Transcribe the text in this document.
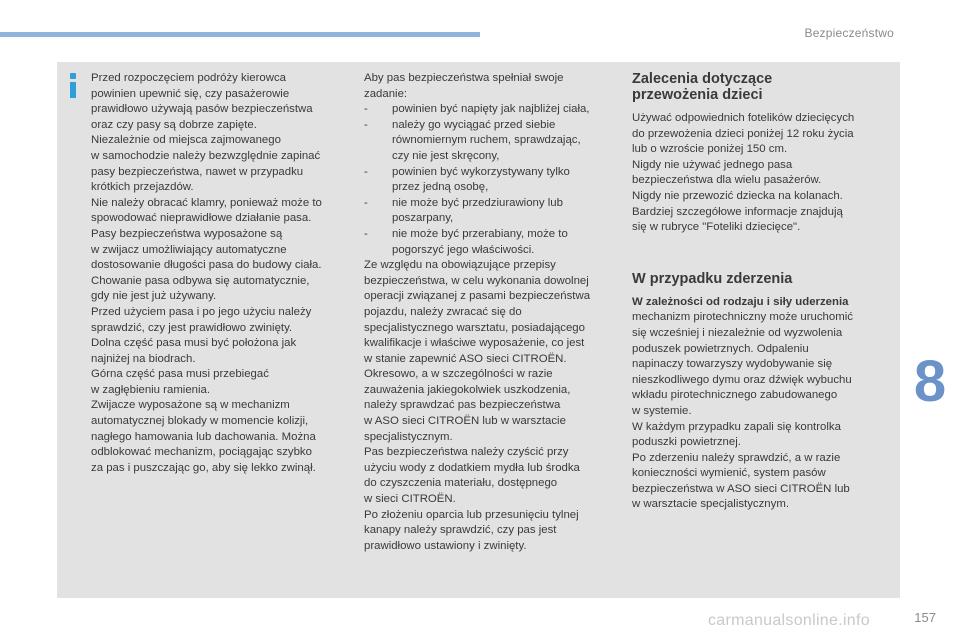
Bezpieczeństwo

Przed rozpoczęciem podróży kierowca

powinien upewnić się, czy pasażerowie

prawidłowo używają pasów bezpieczeństwa

oraz czy pasy są dobrze zapięte.

Niezależnie od miejsca zajmowanego

w samochodzie należy bezwzględnie zapinać

pasy bezpieczeństwa, nawet w przypadku

krótkich przejazdów.

Nie należy obracać klamry, ponieważ może to

spowodować nieprawidłowe działanie pasa.

Pasy bezpieczeństwa wyposażone są

w zwijacz umożliwiający automatyczne

dostosowanie długości pasa do budowy ciała.

Chowanie pasa odbywa się automatycznie,

gdy nie jest już używany.

Przed użyciem pasa i po jego użyciu należy

sprawdzić, czy jest prawidłowo zwinięty.

Dolna część pasa musi być położona jak

najniżej na biodrach.

Górna część pasa musi przebiegać

w zagłębieniu ramienia.

Zwijacze wyposażone są w mechanizm

automatycznej blokady w momencie kolizji,

nagłego hamowania lub dachowania. Można

odblokować mechanizm, pociągając szybko

za pas i puszczając go, aby się lekko zwinął.

Aby pas bezpieczeństwa spełniał swoje

zadanie:

- powinien być napięty jak najbliżej ciała,

- należy go wyciągać przed siebie

równomiernym ruchem, sprawdzając,

czy nie jest skręcony,

- powinien być wykorzystywany tylko

przez jedną osobę,

- nie może być przedziurawiony lub

poszarpany,

- nie może być przerabiany, może to

pogorszyć jego właściwości.

Ze względu na obowiązujące przepisy

bezpieczeństwa, w celu wykonania dowolnej

operacji związanej z pasami bezpieczeństwa

pojazdu, należy zwracać się do

specjalistycznego warsztatu, posiadającego

kwalifikacje i właściwe wyposażenie, co jest

w stanie zapewnić ASO sieci CITROËN.

Okresowo, a w szczególności w razie

zauważenia jakiegokolwiek uszkodzenia,

należy sprawdzać pas bezpieczeństwa

w ASO sieci CITROËN lub w warsztacie

specjalistycznym.

Pas bezpieczeństwa należy czyścić przy

użyciu wody z dodatkiem mydła lub środka

do czyszczenia materiału, dostępnego

w sieci CITROËN.

Po złożeniu oparcia lub przesunięciu tylnej

kanapy należy sprawdzić, czy pas jest

prawidłowo ustawiony i zwinięty.

Zalecenia dotyczące

przewożenia dzieci

Używać odpowiednich fotelików dziecięcych

do przewożenia dzieci poniżej 12 roku życia

lub o wzroście poniżej 150 cm.

Nigdy nie używać jednego pasa

bezpieczeństwa dla wielu pasażerów.

Nigdy nie przewozić dziecka na kolanach.

Bardziej szczegółowe informacje znajdują

się w rubryce "Foteliki dziecięce".

W przypadku zderzenia

W zależności od rodzaju i siły uderzenia

mechanizm pirotechniczny może uruchomić

się wcześniej i niezależnie od wyzwolenia

poduszek powietrznych. Odpaleniu

napinaczy towarzyszy wydobywanie się

nieszkodliwego dymu oraz dźwięk wybuchu

wkładu pirotechnicznego zabudowanego

w systemie.

W każdym przypadku zapali się kontrolka

poduszki powietrznej.

Po zderzeniu należy sprawdzić, a w razie

konieczności wymienić, system pasów

bezpieczeństwa w ASO sieci CITROËN lub

w warsztacie specjalistycznym.

8
carmanualsonline.info	157
